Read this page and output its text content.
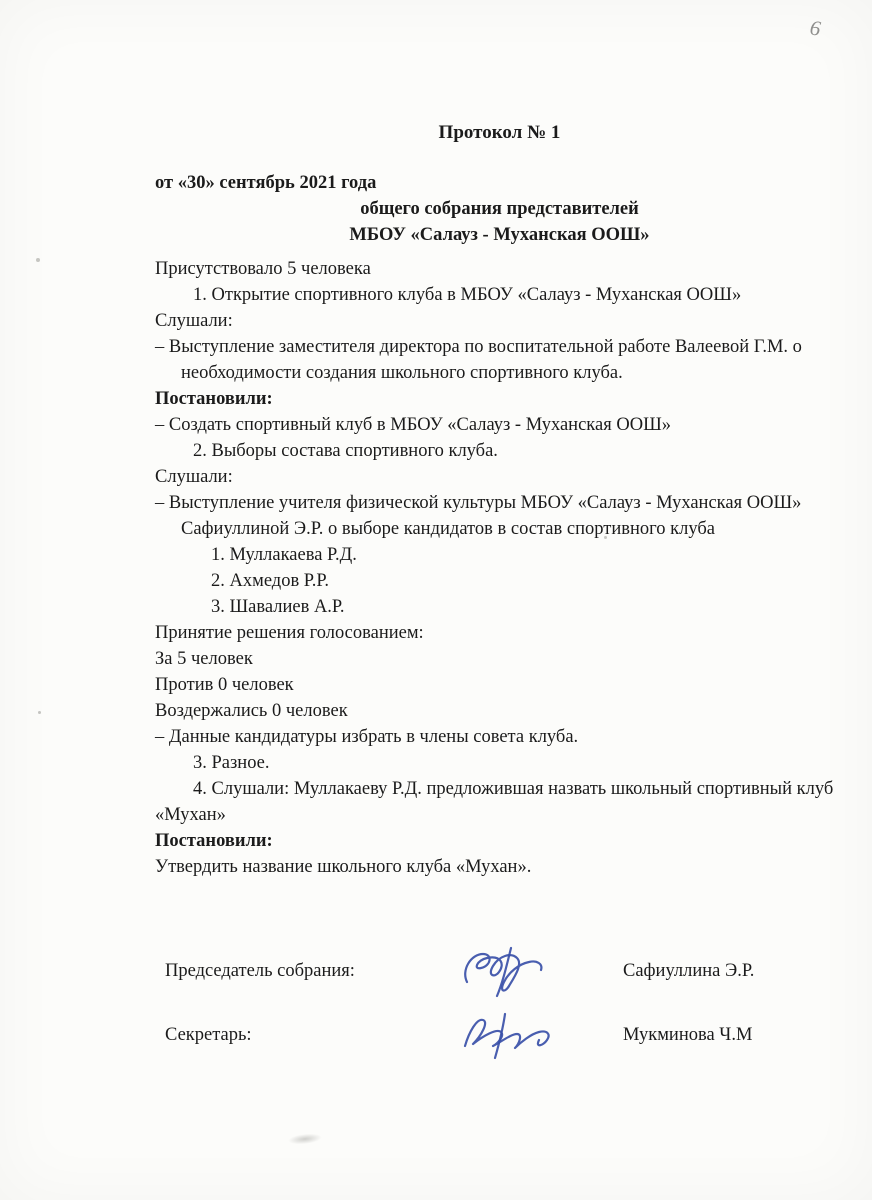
6
Протокол № 1
от «30» сентябрь 2021 года
общего собрания представителей
МБОУ «Салауз - Муханская ООШ»
Присутствовало 5 человека
1. Открытие спортивного клуба в МБОУ «Салауз - Муханская ООШ»
Слушали:
– Выступление заместителя директора по воспитательной работе Валеевой Г.М. о необходимости создания школьного спортивного клуба.
Постановили:
– Создать спортивный клуб в МБОУ «Салауз - Муханская ООШ»
2. Выборы состава спортивного клуба.
Слушали:
– Выступление учителя физической культуры МБОУ «Салауз - Муханская ООШ» Сафиуллиной Э.Р. о выборе кандидатов в состав спортивного клуба
1. Муллакаева Р.Д.
2. Ахмедов Р.Р.
3. Шавалиев А.Р.
Принятие решения голосованием:
За 5 человек
Против 0 человек
Воздержались 0 человек
– Данные кандидатуры избрать в члены совета клуба.
3. Разное.
4. Слушали: Муллакаеву Р.Д. предложившая назвать школьный спортивный клуб «Мухан»
Постановили:
Утвердить название школьного клуба «Мухан».
Председатель собрания:	Сафиуллина Э.Р.
Секретарь:	Мукминова Ч.М
